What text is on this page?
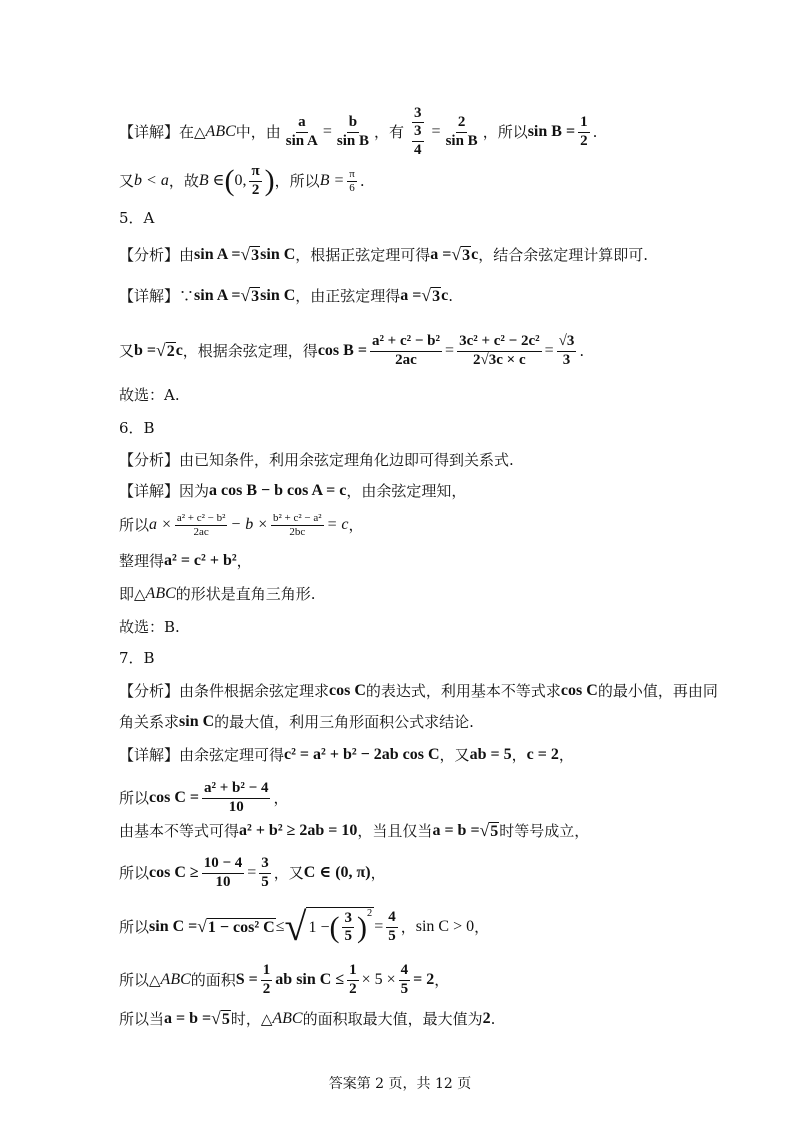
【详解】在△ ABC 中，由 $\frac{a}{\text{sin A}} = \frac{b}{\text{sin B}}$ ，有 $\frac{3}{\frac{3}{4}} = \frac{2}{\text{sin B}}$ ，所以 $\sin B = \frac{1}{2}$ .
又 b < a ，故 B ∈ ( 0, $\frac{\pi}{2}$ ) ，所以 $B = \frac{\pi}{6}$ .
5．A
【分析】由 sin A = √ 3 sin C ，根据正弦定理可得 a = √ 3 c ，结合余弦定理计算即可.
【详解】∵ sin A = √ 3 sin C ，由正弦定理得 a = √ 3 c .
又 b = √ 2 c ，根据余弦定理，得 $\cos B = \frac{\text{a² + c² − b²}}{2ac} = \frac{\text{3c² + c² − 2c²}}{2√3c \times c} = \frac{√3}{3}$ .
故选：A.
6．B
【分析】由已知条件，利用余弦定理角化边即可得到关系式.
【详解】因为 a cos B − b cos A = c ，由余弦定理知，
所以 $a \times \frac{\text{a² + c² − b²}}{2ac} - b \times \frac{\text{b² + c² − a²}}{2bc} = c$ ，
整理得 a² = c² + b² ，
即△ ABC 的形状是直角三角形.
故选：B.
7．B
【分析】由条件根据余弦定理求 cos C 的表达式，利用基本不等式求 cos C 的最小值，再由同
角关系求 sin C 的最大值，利用三角形面积公式求结论.
【详解】由余弦定理可得 c² = a² + b² − 2ab cos C ，又 ab = 5 ， c = 2 ，
所以 $\cos C = \frac{\text{a² + b² − 4}}{10}$ ，
由基本不等式可得 a² + b² ≥ 2ab = 10 ，当且仅当 a = b = √ 5 时等号成立，
所以 $\cos C \ge \frac{10 - 4}{10} = \frac{3}{5}$ ，又 C ∈ (0, π) ，
所以 sin C = √ 1 − cos² C ≤ √ 1 − ( $\frac{3}{5} )^2$
= $\frac{4}{5}$ ， sin C > 0 ，
所以△ ABC 的面积 $S = \frac{1}{2}$ ab $\sin C \le \frac{1}{2} \times 5 \times \frac{4}{5} = 2$ ，
所以当 a = b = √ 5 时，△ ABC 的面积取最大值，最大值为 2 .
答案第 2 页，共 12 页
